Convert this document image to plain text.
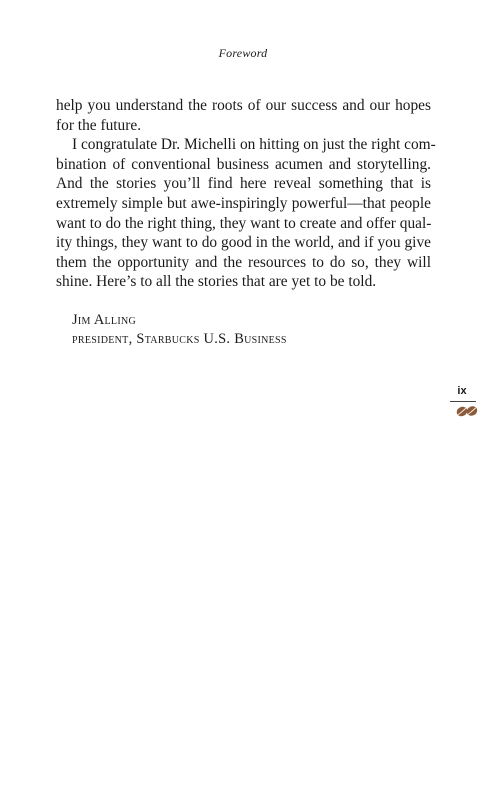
Foreword

help you understand the roots of our success and our hopes
for the future.

I congratulate Dr. Michelli on hitting on just the right com-
bination of conventional business acumen and storytelling.
And the stories you’ll find here reveal something that is
extremely simple but awe-inspiringly powerful—that people
want to do the right thing, they want to create and offer qual-
ity things, they want to do good in the world, and if you give
them the opportunity and the resources to do so, they will
shine. Here’s to all the stories that are yet to be told.

Jim Alling
president, Starbucks U.S. Business
ix
